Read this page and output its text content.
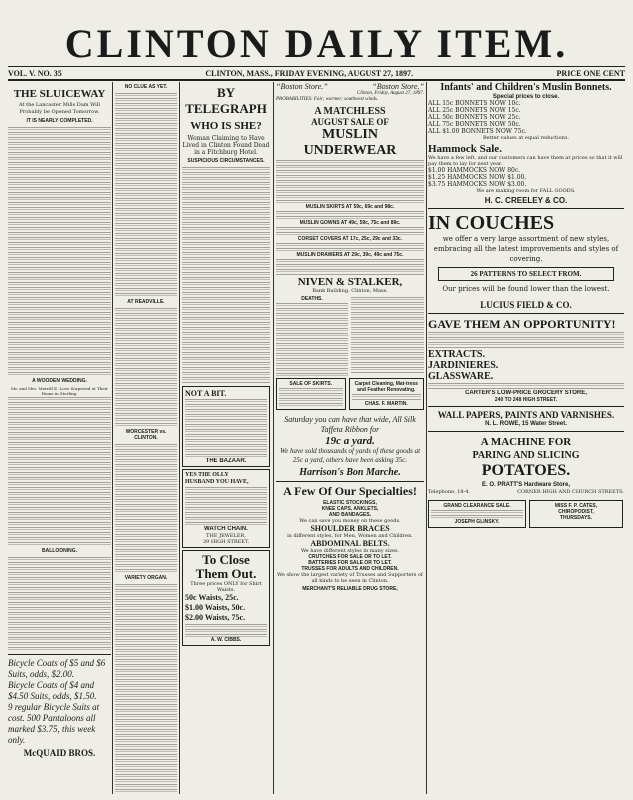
CLINTON DAILY ITEM.
VOL. V. NO. 35	CLINTON, MASS., FRIDAY EVENING, AUGUST 27, 1897.	PRICE ONE CENT
THE SLUICEWAY
At the Lancaster Mills Dam Will Probably be Opened Tomorrow.
IT IS NEARLY COMPLETED.
A WOODEN WEDDING.
Mr. and Mrs. Merrill E. Love Surprised at Their Home in Sterling.
BALLOONING.
Bicycle Coats of $5 and $6 Suits, odds, $2.00.
Bicycle Coats of $4 and $4.50 Suits, odds, $1.50.
9 regular Bicycle Suits at cost. 500 Pantaloons all marked $3.75, this week only.
McQUAID BROS.
NO CLUE AS YET.
AT READVILLE.
WORCESTER vs. CLINTON.
VARIETY ORGAN.
BY TELEGRAPH
WHO IS SHE?
Woman Claiming to Have Lived in Clinton Found Dead in a Fitchburg Hotel.
SUSPICIOUS CIRCUMSTANCES.
NOT A BIT.
THE BAZAAR.
YES THE OLLY
HUSBAND YOU HAVE,
WATCH CHAIN.
THE JEWELER,
39 HIGH STREET.
To Close Them Out.
Three prices ONLY for Shirt Waists.
50c Waists, 25c.
$1.00 Waists, 50c.
$2.00 Waists, 75c.
A. W. CIBBS.
“Boston Store.”	“Boston Store.”
Clinton, Friday, August 27, 1897.
PROBABILITIES: Fair; warmer; southwest winds.
A MATCHLESS
AUGUST SALE OF
MUSLIN UNDERWEAR
MUSLIN SKIRTS AT 59c, 69c and 98c.
MUSLIN GOWNS AT 49c, 59c, 75c and 89c.
CORSET COVERS AT 17c, 25c, 29c and 33c.
MUSLIN DRAWERS AT 29c, 39c, 49c and 75c.
NIVEN & STALKER,
Bank Building. Clinton, Mass.
DEATHS.
SALE OF SKIRTS.	Carpet Cleaning, Mat-tress and Feather Renovating.
CHAS. F. MARTIN.
Saturday you can have that wide, All Silk Taffeta Ribbon for
19c a yard.
We have sold thousands of yards of these goods at 25c a yard, others have been asking 35c.
Harrison's Bon Marche.
A Few Of Our Specialties!
ELASTIC STOCKINGS,
KNEE CAPS, ANKLETS,
AND BANDAGES.
We can save you money on these goods.
SHOULDER BRACES
in different styles, for Men, Women and Children.
ABDOMINAL BELTS.
We have different styles in many sizes.
CRUTCHES FOR SALE OR TO LET.
BATTERIES FOR SALE OR TO LET.
TRUSSES FOR ADULTS AND CHILDREN.
We show the largest variety of Trusses and Supporters of all kinds to be seen in Clinton.
MERCHANT'S RELIABLE DRUG STORE,
Infants' and Children's Muslin Bonnets.
Special prices to close.
ALL 15c BONNETS NOW 10c.
ALL 25c BONNETS NOW 15c.
ALL 50c BONNETS NOW 25c.
ALL 75c BONNETS NOW 50c.
ALL $1.00 BONNETS NOW 75c.
Better values at equal reductions.
Hammock Sale.
We have a few left, and our customers can have them at prices so that it will pay them to lay for next year.
$1.00 HAMMOCKS NOW 80c.
$1.25 HAMMOCKS NOW $1.00.
$3.75 HAMMOCKS NOW $3.00.
We are making room for FALL GOODS.
H. C. CREELEY & CO.
IN COUCHES
we offer a very large assortment of new styles, embracing all the latest improvements and styles of covering.
26 PATTERNS TO SELECT FROM.
Our prices will be found lower than the lowest.
LUCIUS FIELD & CO.
GAVE THEM AN OPPORTUNITY!
EXTRACTS.
JARDINIERES.
GLASSWARE.
CARTER'S LOW-PRICE GROCERY STORE,
240 TO 248 HIGH STREET.
WALL PAPERS, PAINTS AND VARNISHES.
N. L. ROWE, 15 Water Street.
A MACHINE FOR
PARING AND SLICING
POTATOES.
E. O. PRATT'S Hardware Store,
Telephone, 18-4.	CORNER HIGH AND CHURCH STREETS.
GRAND CLEARANCE SALE.
JOSEPH GLINSKY.
MISS F. P. CATES,
CHIROPODIST,
THURSDAYS.
